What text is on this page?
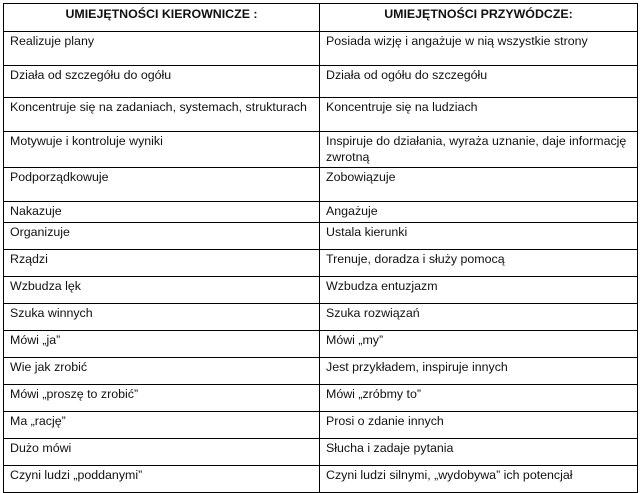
UMIEJĘTNOŚCI KIEROWNICZE :	UMIEJĘTNOŚCI PRZYWÓDCZE:
Realizuje plany	Posiada wizję i angażuje w nią wszystkie strony
Działa od szczegółu do ogółu	Działa od ogółu do szczegółu
Koncentruje się na zadaniach, systemach, strukturach	Koncentruje się na ludziach
Motywuje i kontroluje wyniki	Inspiruje do działania, wyraża uznanie, daje informację zwrotną
Podporządkowuje	Zobowiązuje
Nakazuje	Angażuje
Organizuje	Ustala kierunki
Rządzi	Trenuje, doradza i służy pomocą
Wzbudza lęk	Wzbudza entuzjazm
Szuka winnych	Szuka rozwiązań
Mówi „ja”	Mówi „my”
Wie jak zrobić	Jest przykładem, inspiruje innych
Mówi „proszę to zrobić”	Mówi „zróbmy to”
Ma „rację”	Prosi o zdanie innych
Dużo mówi	Słucha i zadaje pytania
Czyni ludzi „poddanymi”	Czyni ludzi silnymi, „wydobywa” ich potencjał
